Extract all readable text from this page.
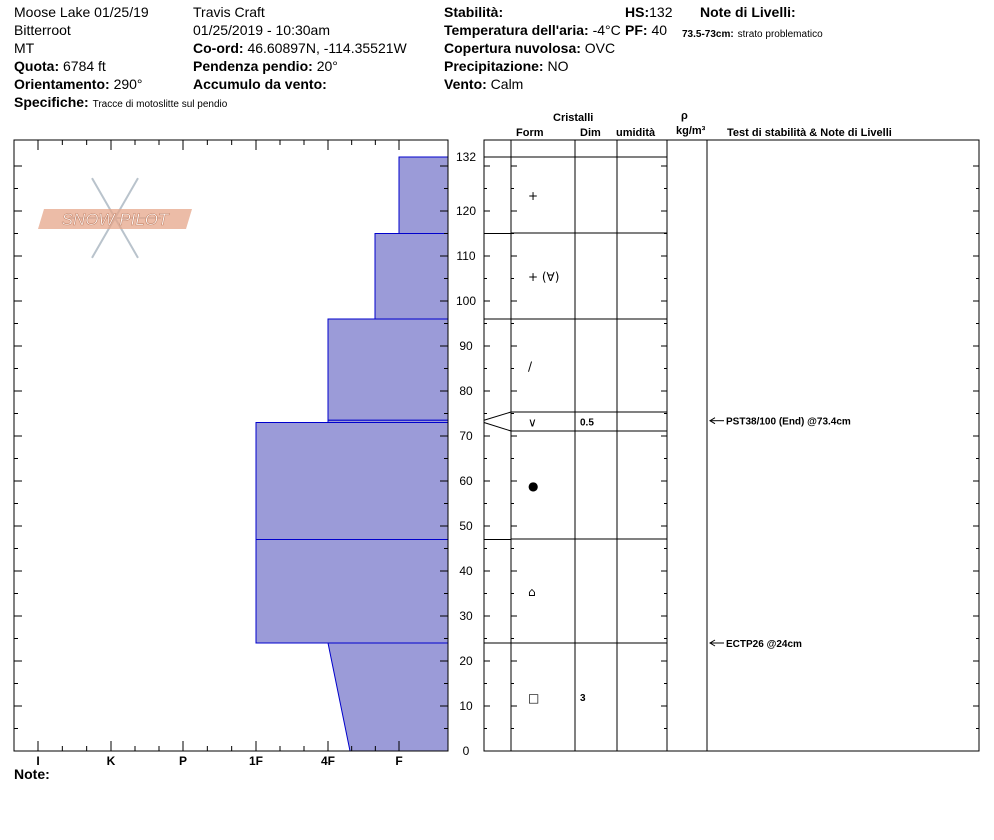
Moose Lake 01/25/19
Bitterroot
MT
Quota: 6784 ft
Orientamento: 290°
Specifiche: Tracce di motoslitte sul pendio
Travis Craft
01/25/2019 - 10:30am
Co-ord: 46.60897N, -114.35521W
Pendenza pendio: 20°
Accumulo da vento:
Stabilità:
Temperatura dell'aria: -4°C
Copertura nuvolosa: OVC
Precipitazione: NO
Vento: Calm
HS:132
PF: 40
Note di Livelli:
73.5-73cm: strato problematico
Cristalli
Form	Dim umidità
ρ
kg/m³ Test di stabilità & Note di Livelli
Note:
SNOW PILOT
I	K	P	1F	4F	F
0
10
20
30
40
50
60
70
80
90
100
110
120
132
+
+ (∀)
/
∨	0.5
●
⌂
□	3
PST38/100 (End) @73.4cm
ECTP26 @24cm
